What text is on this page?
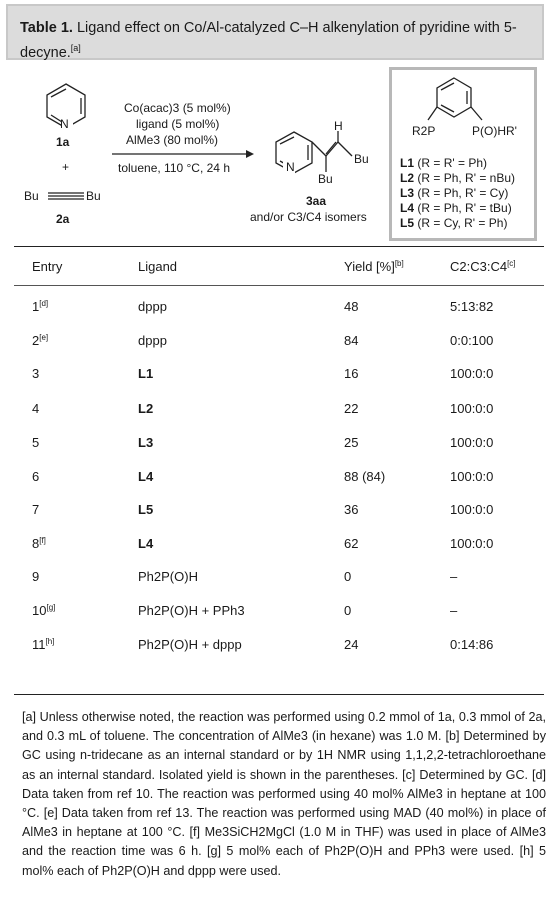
Table 1. Ligand effect on Co/Al-catalyzed C–H alkenylation of pyridine with 5-decyne.[a]
N
1a
+
Bu	Bu
2a
Co(acac)3 (5 mol%)
ligand (5 mol%)
AlMe3 (80 mol%)
toluene, 110 °C, 24 h
H
Bu
Bu
N
3aa
and/or C3/C4 isomers
R2P	P(O)HR'
L1 (R = R' = Ph)
L2 (R = Ph, R' = nBu)
L3 (R = Ph, R' = Cy)
L4 (R = Ph, R' = tBu)
L5 (R = Cy, R' = Ph)
Entry	Ligand	Yield [%][b]	C2:C3:C4[c]
1[d]	dppp	48	5:13:82
2[e]	dppp	84	0:0:100
3	L1	16	100:0:0
4	L2	22	100:0:0
5	L3	25	100:0:0
6	L4	88 (84)	100:0:0
7	L5	36	100:0:0
8[f]	L4	62	100:0:0
9	Ph2P(O)H	0	–
10[g]	Ph2P(O)H + PPh3	0	–
11[h]	Ph2P(O)H + dppp	24	0:14:86
[a] Unless otherwise noted, the reaction was performed using 0.2 mmol of 1a, 0.3 mmol of 2a, and 0.3 mL of toluene. The concentration of AlMe3 (in hexane) was 1.0 M. [b] Determined by GC using n-tridecane as an internal standard or by 1H NMR using 1,1,2,2-tetrachloroethane as an internal standard. Isolated yield is shown in the parentheses. [c] Determined by GC. [d] Data taken from ref 10. The reaction was performed using 40 mol% AlMe3 in heptane at 100 °C. [e] Data taken from ref 13. The reaction was performed using MAD (40 mol%) in place of AlMe3 in heptane at 100 °C. [f] Me3SiCH2MgCl (1.0 M in THF) was used in place of AlMe3 and the reaction time was 6 h. [g] 5 mol% each of Ph2P(O)H and PPh3 were used. [h] 5 mol% each of Ph2P(O)H and dppp were used.
